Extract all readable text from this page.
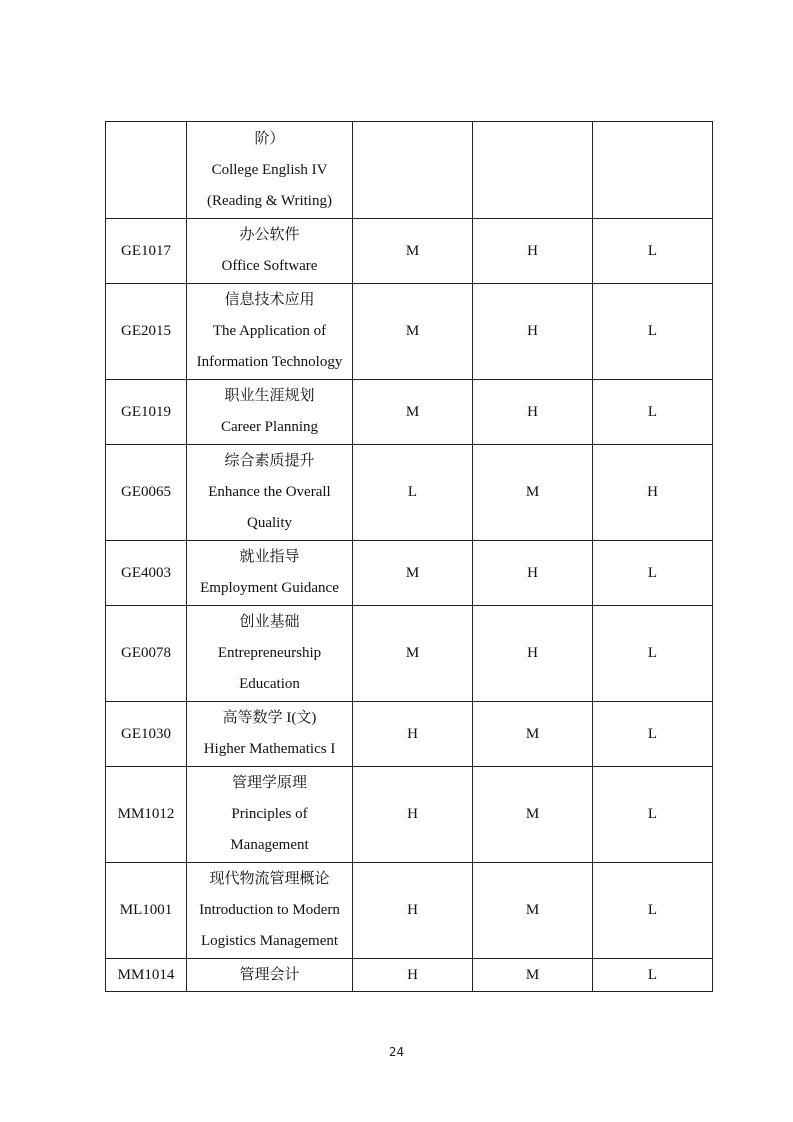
	阶）
College English IV
(Reading & Writing)			

GE1017	办公软件
Office Software	M	H	L
GE2015	信息技术应用
The Application of
Information Technology	M	H	L
GE1019	职业生涯规划
Career Planning	M	H	L
GE0065	综合素质提升
Enhance the Overall
Quality	L	M	H
GE4003	就业指导
Employment Guidance	M	H	L
GE0078	创业基础
Entrepreneurship
Education	M	H	L
GE1030	高等数学 I(文)
Higher Mathematics I	H	M	L
MM1012	管理学原理
Principles of
Management	H	M	L
ML1001	现代物流管理概论
Introduction to Modern
Logistics Management	H	M	L
MM1014	管理会计	H	M	L
24
